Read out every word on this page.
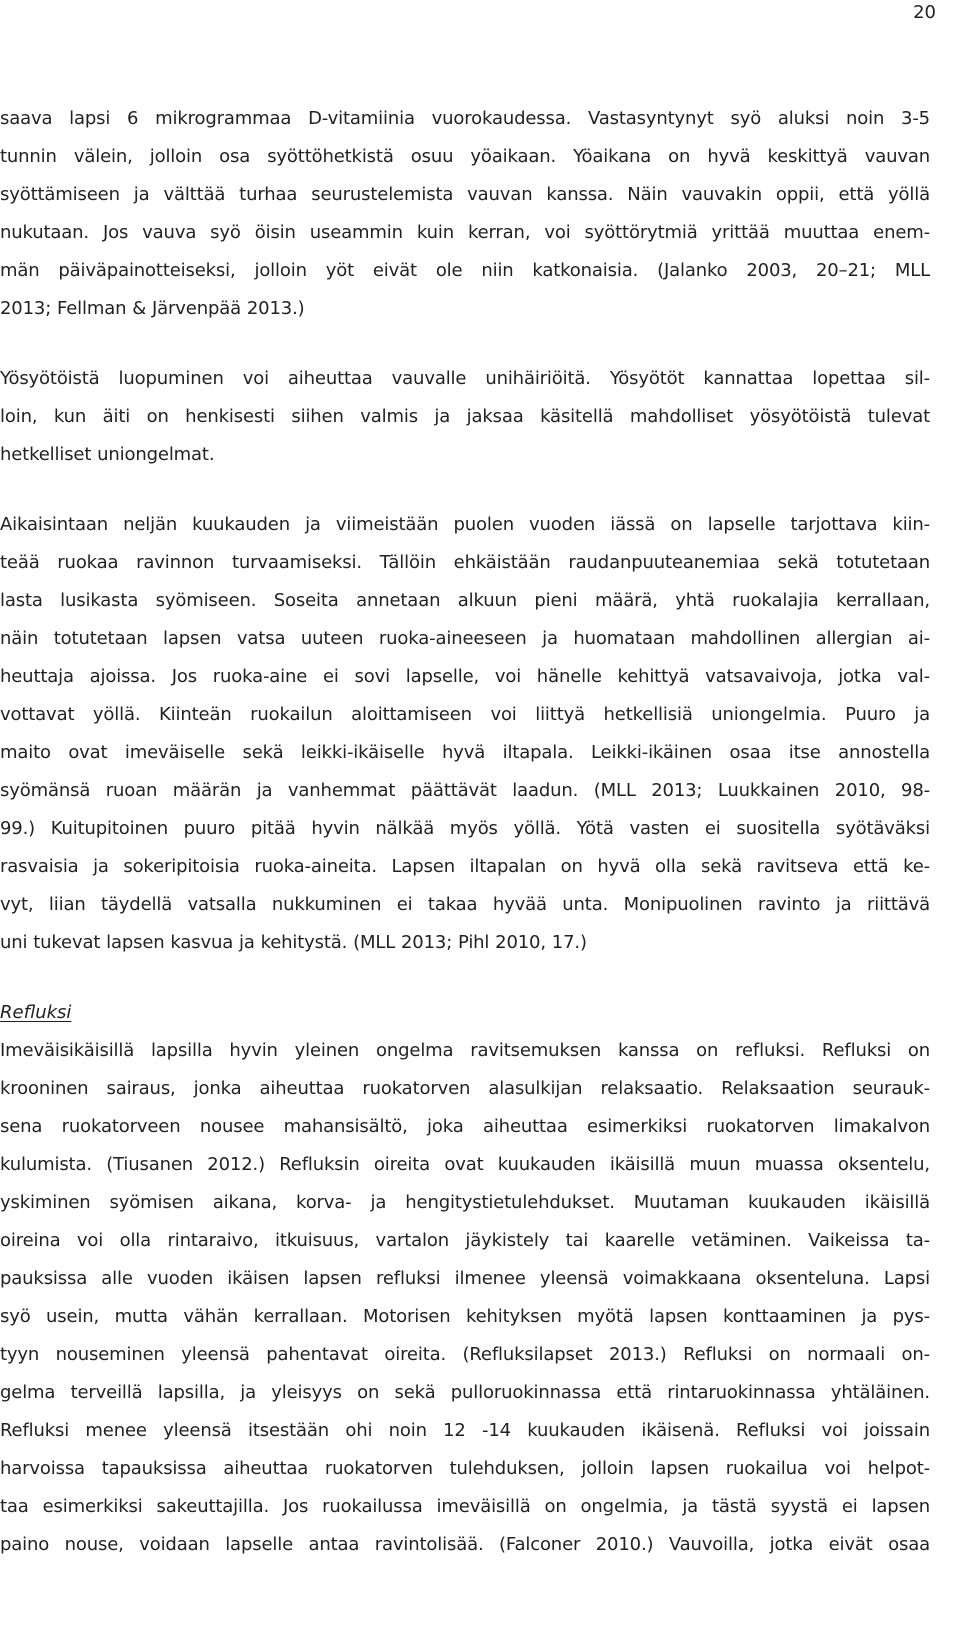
20
saava lapsi 6 mikrogrammaa D-vitamiinia vuorokaudessa. Vastasyntynyt syö aluksi noin 3-5
tunnin välein, jolloin osa syöttöhetkistä osuu yöaikaan. Yöaikana on hyvä keskittyä vauvan
syöttämiseen ja välttää turhaa seurustelemista vauvan kanssa. Näin vauvakin oppii, että yöllä
nukutaan. Jos vauva syö öisin useammin kuin kerran, voi syöttörytmiä yrittää muuttaa enem-
män päiväpainotteiseksi, jolloin yöt eivät ole niin katkonaisia. (Jalanko 2003, 20–21; MLL
2013; Fellman & Järvenpää 2013.)
Yösyötöistä luopuminen voi aiheuttaa vauvalle unihäiriöitä. Yösyötöt kannattaa lopettaa sil-
loin, kun äiti on henkisesti siihen valmis ja jaksaa käsitellä mahdolliset yösyötöistä tulevat
hetkelliset uniongelmat.
Aikaisintaan neljän kuukauden ja viimeistään puolen vuoden iässä on lapselle tarjottava kiin-
teää ruokaa ravinnon turvaamiseksi. Tällöin ehkäistään raudanpuuteanemiaa sekä totutetaan
lasta lusikasta syömiseen. Soseita annetaan alkuun pieni määrä, yhtä ruokalajia kerrallaan,
näin totutetaan lapsen vatsa uuteen ruoka-aineeseen ja huomataan mahdollinen allergian ai-
heuttaja ajoissa. Jos ruoka-aine ei sovi lapselle, voi hänelle kehittyä vatsavaivoja, jotka val-
vottavat yöllä. Kiinteän ruokailun aloittamiseen voi liittyä hetkellisiä uniongelmia. Puuro ja
maito ovat imeväiselle sekä leikki-ikäiselle hyvä iltapala. Leikki-ikäinen osaa itse annostella
syömänsä ruoan määrän ja vanhemmat päättävät laadun. (MLL 2013; Luukkainen 2010, 98-
99.) Kuitupitoinen puuro pitää hyvin nälkää myös yöllä. Yötä vasten ei suositella syötäväksi
rasvaisia ja sokeripitoisia ruoka-aineita. Lapsen iltapalan on hyvä olla sekä ravitseva että ke-
vyt, liian täydellä vatsalla nukkuminen ei takaa hyvää unta. Monipuolinen ravinto ja riittävä
uni tukevat lapsen kasvua ja kehitystä. (MLL 2013; Pihl 2010, 17.)
Refluksi
Imeväisikäisillä lapsilla hyvin yleinen ongelma ravitsemuksen kanssa on refluksi. Refluksi on
krooninen sairaus, jonka aiheuttaa ruokatorven alasulkijan relaksaatio. Relaksaation seurauk-
sena ruokatorveen nousee mahansisältö, joka aiheuttaa esimerkiksi ruokatorven limakalvon
kulumista. (Tiusanen 2012.) Refluksin oireita ovat kuukauden ikäisillä muun muassa oksentelu,
yskiminen syömisen aikana, korva- ja hengitystietulehdukset. Muutaman kuukauden ikäisillä
oireina voi olla rintaraivo, itkuisuus, vartalon jäykistely tai kaarelle vetäminen. Vaikeissa ta-
pauksissa alle vuoden ikäisen lapsen refluksi ilmenee yleensä voimakkaana oksenteluna. Lapsi
syö usein, mutta vähän kerrallaan. Motorisen kehityksen myötä lapsen konttaaminen ja pys-
tyyn nouseminen yleensä pahentavat oireita. (Refluksilapset 2013.) Refluksi on normaali on-
gelma terveillä lapsilla, ja yleisyys on sekä pulloruokinnassa että rintaruokinnassa yhtäläinen.
Refluksi menee yleensä itsestään ohi noin 12 -14 kuukauden ikäisenä. Refluksi voi joissain
harvoissa tapauksissa aiheuttaa ruokatorven tulehduksen, jolloin lapsen ruokailua voi helpot-
taa esimerkiksi sakeuttajilla. Jos ruokailussa imeväisillä on ongelmia, ja tästä syystä ei lapsen
paino nouse, voidaan lapselle antaa ravintolisää. (Falconer 2010.) Vauvoilla, jotka eivät osaa
